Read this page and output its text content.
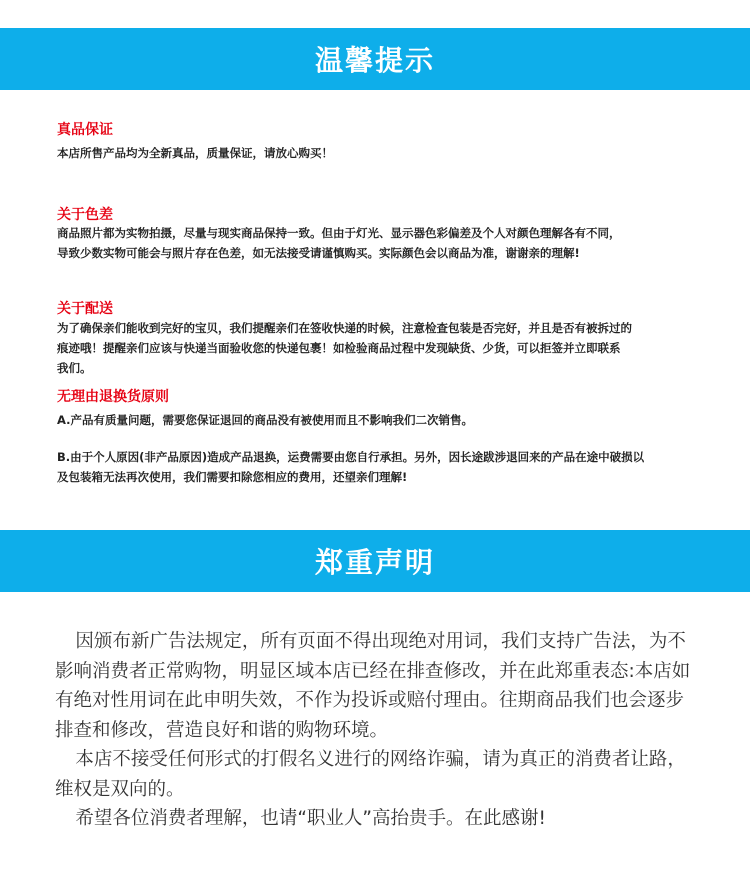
温馨提示
真品保证
本店所售产品均为全新真品，质量保证，请放心购买！
关于色差
商品照片都为实物拍摄，尽量与现实商品保持一致。但由于灯光、显示器色彩偏差及个人对颜色理解各有不同，
导致少数实物可能会与照片存在色差，如无法接受请谨慎购买。实际颜色会以商品为准，谢谢亲的理解!
关于配送
为了确保亲们能收到完好的宝贝，我们提醒亲们在签收快递的时候，注意检查包装是否完好，并且是否有被拆过的
痕迹哦！提醒亲们应该与快递当面验收您的快递包裹！如检验商品过程中发现缺货、少货，可以拒签并立即联系
我们。
无理由退换货原则
A.产品有质量问题，需要您保证退回的商品没有被使用而且不影响我们二次销售。
B.由于个人原因(非产品原因)造成产品退换，运费需要由您自行承担。另外，因长途跋涉退回来的产品在途中破损以
及包装箱无法再次使用，我们需要扣除您相应的费用，还望亲们理解!
郑重声明

因颁布新广告法规定，所有页面不得出现绝对用词，我们支持广告法，为不影响消费者正常购物，明显区域本店已经在排查修改，并在此郑重表态:本店如有绝对性用词在此申明失效，不作为投诉或赔付理由。往期商品我们也会逐步排查和修改，营造良好和谐的购物环境。

本店不接受任何形式的打假名义进行的网络诈骗，请为真正的消费者让路，维权是双向的。

希望各位消费者理解，也请“职业人”高抬贵手。在此感谢!
